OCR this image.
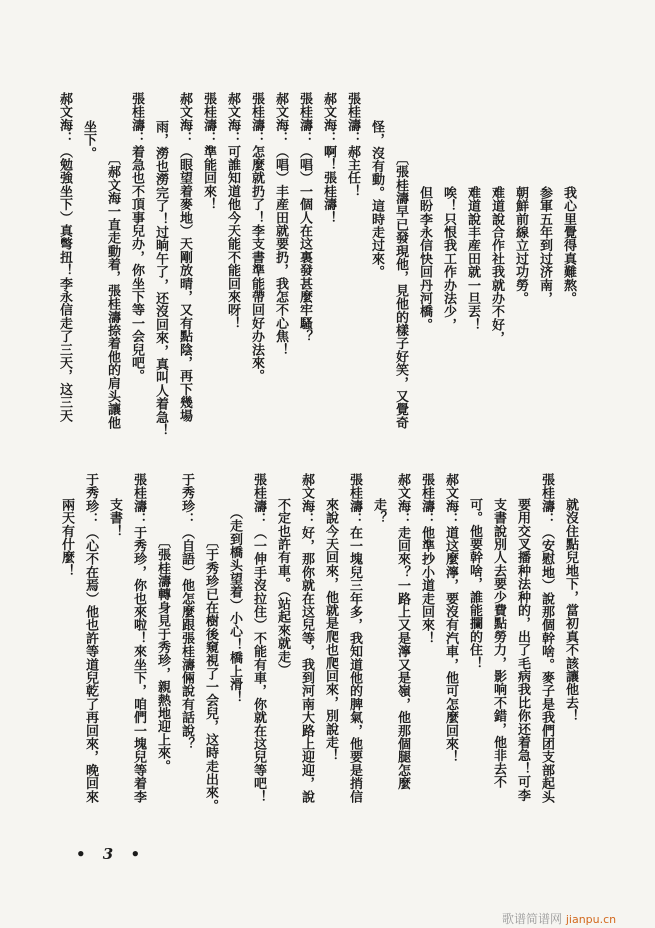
我心里覺得真難熬。
参軍五年到过济南，
朝鮮前線立过功勞。
难道說合作社我就办不好，
难道說丰産田就一旦丟！
唉！只恨我工作办法少，
但盼李永信快回丹河橋。
〔張桂濤早已發現他，見他的樣子好笑，又覺奇
怪，沒有動。這時走过來。
張桂濤：郝主任！
郝文海：啊！張桂濤！
張桂濤：（唱）一個人在这裏發甚麼牢騷？
郝文海：（唱）丰産田就要扔，我怎不心焦！
張桂濤：怎麼就扔了！李支書準能帶回好办法來。
郝文海：可誰知道他今天能不能回來呀！
張桂濤：準能回來！
郝文海：（眼望着麥地）天剛放晴，又有點陰，再下幾場
雨，澇也澇完了！过晌午了，还沒回來，真叫人着急！
張桂濤：着急也不頂事兒办，你坐下等一会兒吧。
〔郝文海一直走動着，張桂濤捺着他的肩头讓他
坐下。
郝文海：（勉強坐下）真彆扭！李永信走了三天，这三天
就沒住點兒地下，當初真不該讓他去！
張桂濤：（安慰地）說那個幹啥。麥子是我們团支部起头
要用交叉播种法种的，出了毛病我比你还着急！可李
支書說別人去要少費點勞力，影响不錯，他非去不
可。他要幹啥，誰能攔的住！
郝文海：道这麼濘，要沒有汽車，他可怎麼回來！
張桂濤：他準抄小道走回來！
郝文海：走回來？一路上又是濘又是嶺，他那個腿怎麼
走？
張桂濤：在一塊兒三年多，我知道他的脾氣，他要是捎信
來說今天回來，他就是爬也爬回來，別說走！
郝文海：好，那你就在这兒等，我到河南大路上迎迎，說
不定也許有車。（站起來就走）
張桂濤：（一伸手沒拉住）不能有車，你就在这兒等吧！
（走到橋头望着）小心！橋上滑！
〔于秀珍已在樹後窺視了一会兒，这時走出來。
于秀珍：（自語）他怎麼跟張桂濤倆說有話說？
〔張桂濤轉身見于秀珍，親熱地迎上來。
張桂濤：于秀珍，你也來啦！來坐下，咱們一塊兒等着李
支書！
于秀珍：（心不在焉）他也許等道兒乾了再回來，晚回來
兩天有什麼！
• 3 •
歌谱简谱网 jianpu.cn
